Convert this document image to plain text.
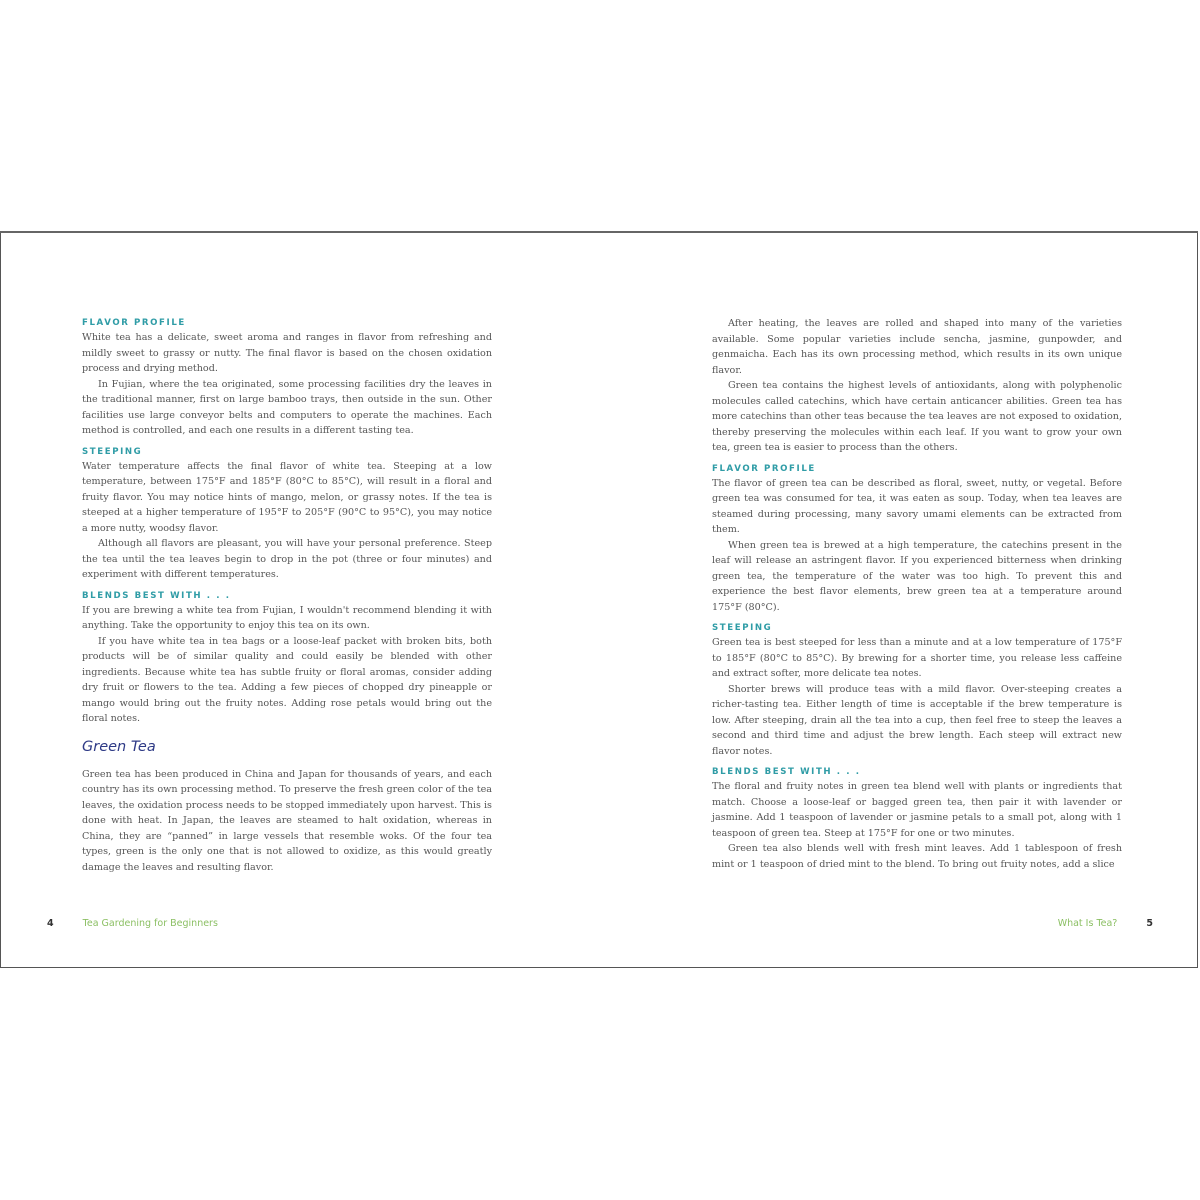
FLAVOR PROFILE

White tea has a delicate, sweet aroma and ranges in flavor from refreshing and mildly sweet to grassy or nutty. The final flavor is based on the chosen oxidation process and drying method.

In Fujian, where the tea originated, some processing facilities dry the leaves in the traditional manner, first on large bamboo trays, then outside in the sun. Other facilities use large conveyor belts and computers to operate the machines. Each method is controlled, and each one results in a different tasting tea.

STEEPING

Water temperature affects the final flavor of white tea. Steeping at a low temperature, between 175°F and 185°F (80°C to 85°C), will result in a floral and fruity flavor. You may notice hints of mango, melon, or grassy notes. If the tea is steeped at a higher temperature of 195°F to 205°F (90°C to 95°C), you may notice a more nutty, woodsy flavor.

Although all flavors are pleasant, you will have your personal preference. Steep the tea until the tea leaves begin to drop in the pot (three or four minutes) and experiment with different temperatures.

BLENDS BEST WITH . . .

If you are brewing a white tea from Fujian, I wouldn't recommend blending it with anything. Take the opportunity to enjoy this tea on its own.

If you have white tea in tea bags or a loose-leaf packet with broken bits, both products will be of similar quality and could easily be blended with other ingredients. Because white tea has subtle fruity or floral aromas, consider adding dry fruit or flowers to the tea. Adding a few pieces of chopped dry pineapple or mango would bring out the fruity notes. Adding rose petals would bring out the floral notes.

Green Tea

Green tea has been produced in China and Japan for thousands of years, and each country has its own processing method. To preserve the fresh green color of the tea leaves, the oxidation process needs to be stopped immediately upon harvest. This is done with heat. In Japan, the leaves are steamed to halt oxidation, whereas in China, they are “panned” in large vessels that resemble woks. Of the four tea types, green is the only one that is not allowed to oxidize, as this would greatly damage the leaves and resulting flavor.

After heating, the leaves are rolled and shaped into many of the varieties available. Some popular varieties include sencha, jasmine, gunpowder, and genmaicha. Each has its own processing method, which results in its own unique flavor.

Green tea contains the highest levels of antioxidants, along with polyphenolic molecules called catechins, which have certain anticancer abilities. Green tea has more catechins than other teas because the tea leaves are not exposed to oxidation, thereby preserving the molecules within each leaf. If you want to grow your own tea, green tea is easier to process than the others.

FLAVOR PROFILE

The flavor of green tea can be described as floral, sweet, nutty, or vegetal. Before green tea was consumed for tea, it was eaten as soup. Today, when tea leaves are steamed during processing, many savory umami elements can be extracted from them.

When green tea is brewed at a high temperature, the catechins present in the leaf will release an astringent flavor. If you experienced bitterness when drinking green tea, the temperature of the water was too high. To prevent this and experience the best flavor elements, brew green tea at a temperature around 175°F (80°C).

STEEPING

Green tea is best steeped for less than a minute and at a low temperature of 175°F to 185°F (80°C to 85°C). By brewing for a shorter time, you release less caffeine and extract softer, more delicate tea notes.

Shorter brews will produce teas with a mild flavor. Over-steeping creates a richer-tasting tea. Either length of time is acceptable if the brew temperature is low. After steeping, drain all the tea into a cup, then feel free to steep the leaves a second and third time and adjust the brew length. Each steep will extract new flavor notes.

BLENDS BEST WITH . . .

The floral and fruity notes in green tea blend well with plants or ingredients that match. Choose a loose-leaf or bagged green tea, then pair it with lavender or jasmine. Add 1 teaspoon of lavender or jasmine petals to a small pot, along with 1 teaspoon of green tea. Steep at 175°F for one or two minutes.

Green tea also blends well with fresh mint leaves. Add 1 tablespoon of fresh mint or 1 teaspoon of dried mint to the blend. To bring out fruity notes, add a slice

4	Tea Gardening for Beginners	What Is Tea?	5
